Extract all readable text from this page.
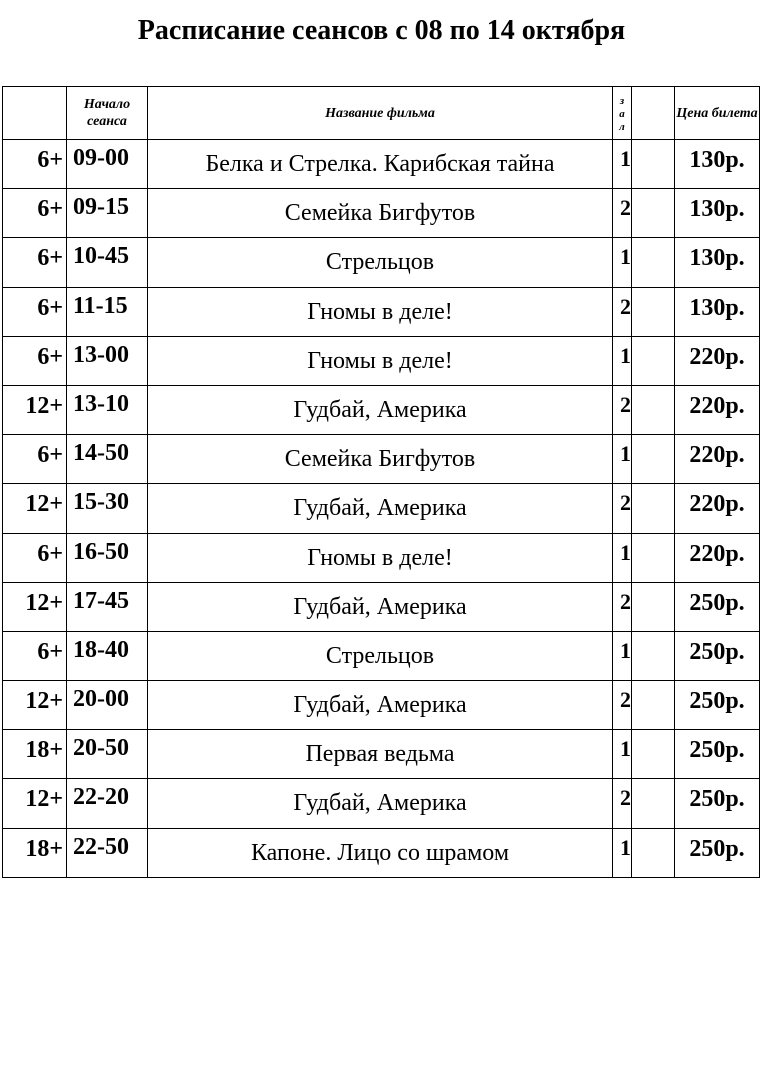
Расписание сеансов с 08 по 14 октября
	Начало сеанса	Название фильма	зал		Цена билета
6+	09-00	Белка и Стрелка. Карибская тайна	1		130р.
6+	09-15	Семейка Бигфутов	2		130р.
6+	10-45	Стрельцов	1		130р.
6+	11-15	Гномы в деле!	2		130р.
6+	13-00	Гномы в деле!	1		220р.
12+	13-10	Гудбай, Америка	2		220р.
6+	14-50	Семейка Бигфутов	1		220р.
12+	15-30	Гудбай, Америка	2		220р.
6+	16-50	Гномы в деле!	1		220р.
12+	17-45	Гудбай, Америка	2		250р.
6+	18-40	Стрельцов	1		250р.
12+	20-00	Гудбай, Америка	2		250р.
18+	20-50	Первая ведьма	1		250р.
12+	22-20	Гудбай, Америка	2		250р.
18+	22-50	Капоне. Лицо со шрамом	1		250р.
